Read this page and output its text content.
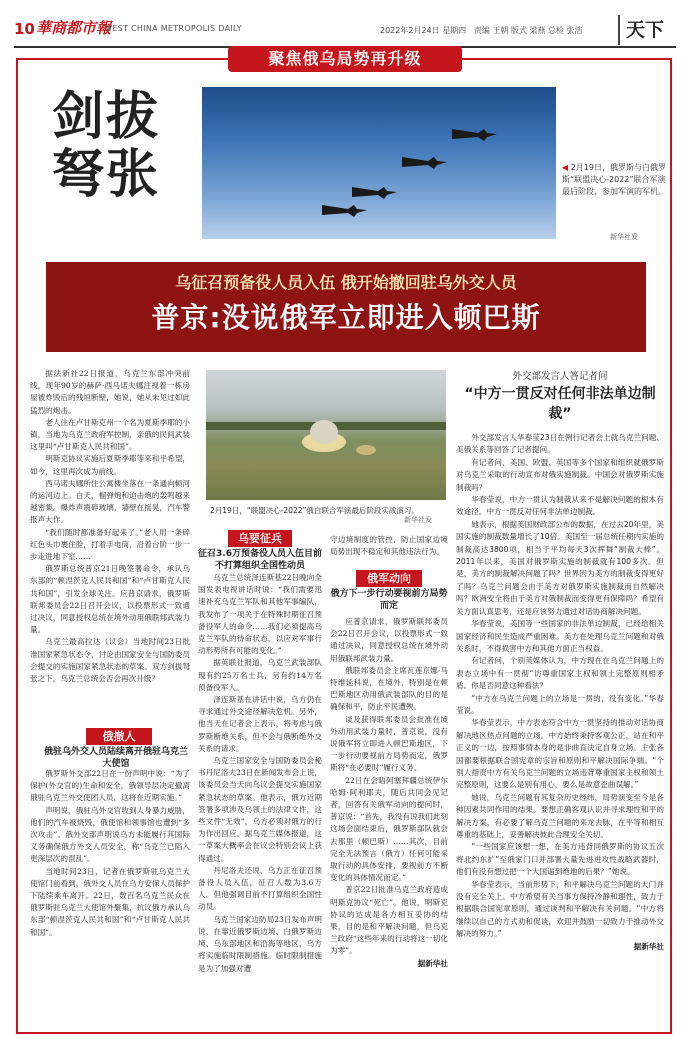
10 華商都市報
WEST CHINA METROPOLIS DAILY	2022年2月24日 星期四 责编 王朝 版式 梁燕 总检 张浩	天下
聚焦俄乌局势再升级
剑拔弩张	◀ 2月19日，俄罗斯与白俄罗斯“联盟决心-2022”联合军演最后阶段，参加军演的军机。
新华社发
乌征召预备役人员入伍 俄开始撤回驻乌外交人员
普京:没说俄军立即进入顿巴斯

据法新社22日报道，乌克兰东部冲突前线，现年90岁的赫萨·西马诺夫娜注视着一栋房屋被炸毁后的残垣断壁，她说，她从未见过如此猛烈的炮击。

老人住在卢甘斯克州一个名为夏斯季耶的小镇，当地为乌克兰政府军控制，亲俄的民间武装这里叫“卢甘斯克人民共和国”。

明斯克协议实施后夏斯季耶等来和平希望，如今，这里再次成为前线。

西马诺夫娜所住公寓楼坐落在一条通向顿河的运河边上。白天，榴弹炮和迫击炮的轰鸣越来越密集。爆炸声震碎玻璃，墙壁在摇晃，汽车警报声大作。

“我们随时都准备好起来了。”老人用一条碎红色头巾裹住脸，打着手电筒，沿着台阶一步一步走进地下室……

俄罗斯总统普京21日晚签署命令，承认乌东部的“顿涅茨克人民共和国”和“卢甘斯克人民共和国”，引发全球关注。应普京请求，俄罗斯联邦委员会22日召开会议，以投票形式一致通过决议，同意授权总统在境外动用俄联邦武装力量。

乌克兰最高拉达（议会）当地时间23日批准国家紧急状态令，讨论由国家安全与国防委员会提交的实施国家紧急状态的草案。双方剑拔弩张之下，乌克兰总统会否会再次升级？

俄撤人
俄驻乌外交人员陆续离开俄驻乌克兰大使馆

俄罗斯外交部22日在一份声明中说：“为了保护(外交官的)生命和安全，俄领导层决定撤离俄驻乌克兰外交使团人员，这将在近期实施。”

声明说，俄驻乌外交官收到人身暴力威胁，他们的汽车被烧毁，俄使馆和领事馆也遭到“多次攻击”。俄外交部声明说乌方未能履行其国际义务确保俄方外交人员安全，称“乌克兰已陷入更深层次的混乱”。

当地时间23日，记者在俄罗斯驻乌克兰大使馆门前看到，俄外交人员在乌方安保人员保护下陆续乘车离开。22日，数百名乌克兰民众在俄罗斯驻乌克兰大使馆外聚集，抗议俄方承认乌东部“顿涅茨克人民共和国”和“卢甘斯克人民共和国”。

2月19日，“联盟决心-2022”俄白联合军演最后阶段实战演习。
新华社发
乌要征兵
征召3.6万预备役人员入伍目前不打算组织全国性动员

乌克兰总统泽连斯基22日晚向全国发表电视讲话时说：“我们需要迅速补充乌克兰军队和其他军事编队，我发布了一项关于在特殊时期征召预备役军人的命令……我们必须提高乌克兰军队的待命状态，以应对军事行动形势所有可能的变化。”

据英联社报道，乌克兰武装部队现有约25万名士兵，另有约14万名预备役军人。

泽连斯基在讲话中说，乌方仍在寻求通过外交途径解决危机。另外，他当天在记者会上表示，将考虑与俄罗斯断绝关系，但不会与俄断绝外交关系的请求。

乌克兰国家安全与国防委员会秘书丹尼洛夫23日在新闻发布会上说，该委员会当天向乌议会提交实施国家紧急状态的草案。他表示，俄方近期签署多项涉及乌领土的法律文件，这些文件“无效”，乌方必须对俄方的行为作出回应。据乌克兰媒体报道，这一草案大概率会在议会特别会议上获得通过。

丹尼洛夫还说，乌方正在征召预备役人员入伍，征召人数为3.6万人。但他强调目前不打算组织全国性动员。

乌克兰国家边防局23日发布声明说，在靠近俄罗斯边境、白俄罗斯边境、乌东部地区和沿海等地区，乌方将实施临时限制措施。临时限制措施是为了加强对遭

守边境制度的管控，防止国家边境局势出现不稳定和其他违法行为。

俄军动向
俄方下一步行动要视前方局势而定

应普京请求，俄罗斯联邦委员会22日召开会议，以投票形式一致通过决议，同意授权总统在境外动用俄联邦武装力量。

俄联邦委员会主席瓦莲京娜·马特维延科说，在境外，特别是在顿巴斯地区动用俄武装部队的目的是确保和平，防止平民遭殃。

谈及获得联邦委员会批准在境外动用武装力量时，普京说，没有说俄军将立即进入顿巴斯地区，下一步行动要视前方局势而定，俄罗斯将“在必要时”履行义务。

22日在会晤阿塞拜疆总统伊尔哈姆·阿利耶夫，随后共同会见记者，回答有关俄军动向的提问时，普京说：“首先，我没有说我们此刻这场会面结束后，俄罗斯部队就会去那里（顿巴斯）……其次，目前完全无法预言（俄方）任何可能采取行动的具体安排，要视前方不断变化的具体情况而定。”

普京22日批准乌克兰政府造成明斯克协议“死亡”。他说，明斯克协议的达成是各方相互妥协的结果，目的是和平解决问题，但乌克兰政府“这些年来的行动将这一切化为零”。

据新华社
外交部发言人答记者问
“中方一贯反对任何非法单边制裁”

外交部发言人华春莹23日在例行记者会上就乌克兰问题、美俄关系等回答了记者提问。

有记者问，美国、欧盟、英国等多个国家和组织就俄罗斯对乌克兰采取的行动宣布对俄实施制裁。中国会对俄罗斯实施制裁吗？

华春莹说，中方一贯认为制裁从来不是解决问题的根本有效途径。中方一贯反对任何非法单边制裁。

她表示，根据美国财政部公布的数据，在过去20年里，美国实施的制裁数量增长了10倍。美国至一届总统任期内实施的制裁高达3800项，相当于平均每天3次挥舞“制裁大棒”。2011年以来，美国对俄罗斯实施的制裁就有100多次。但是，美方的制裁解决问题了吗？世界因为美方的制裁变得更好了吗？乌克兰问题会由于美方对俄罗斯实施制裁而自然解决吗？欧洲安全将由于美方对俄制裁而变得更有保障吗？希望有关方面认真思考，还是应该努力通过对话协商解决问题。

华春莹说，美国等一些国家的非法单边制裁，已经给相关国家经济和民生造成严重困难。美方在处理乌克兰问题和对俄关系时，不得损害中方和其他方面正当权益。

有记者问，个别英媒体认为，中方现在在乌克兰问题上的表态立场中有一贯彻“访尊重国家主权和领土完整原则相矛盾。你是否同意这种看法？

“中方在乌克兰问题上的立场是一贯的，没有变化。”华春莹说。

华春莹表示，中方表态符合中方一贯坚持的推动对话协商解决地区热点问题的立场。中方始终秉持客观公正，站在和平正义的一边，按照事情本身的是非曲直决定自身立场。主张各国都要根据联合国宪章的宗旨和原则和平解决国际争端。“个别人指责中方有关乌克兰问题的立场违背尊重国家主权和领土完整原则，这要么是别有用心，要么是故意歪曲误解。”

她说，乌克兰问题有其复杂历史经纬，局势演变至今是各种因素共同作用的结果。要想正确客观认识并寻求理性和平的解决方案，有必要了解乌克兰问题的来龙去脉，在平等和相互尊重的基础上，妥善解决彼此合理安全关切。

“一些国家应该想一想，在美方违背同俄罗斯的协议五次将北约东扩”至俄家门口并部署大量先进进攻性战略武器时，他们有没有想过把一个大国逼到绝地的后果？”她说。

华春莹表示，当前形势下，和平解决乌克兰问题的大门并没有完全关上。中方希望有关当事方保持冷静和理性，致力于根据联合国宪章原则，通过谈判和平解决有关问题。“中方将继续以自己的方式劝和促谈，欢迎并鼓励一切致力于推动外交解决的努力。”

据新华社
